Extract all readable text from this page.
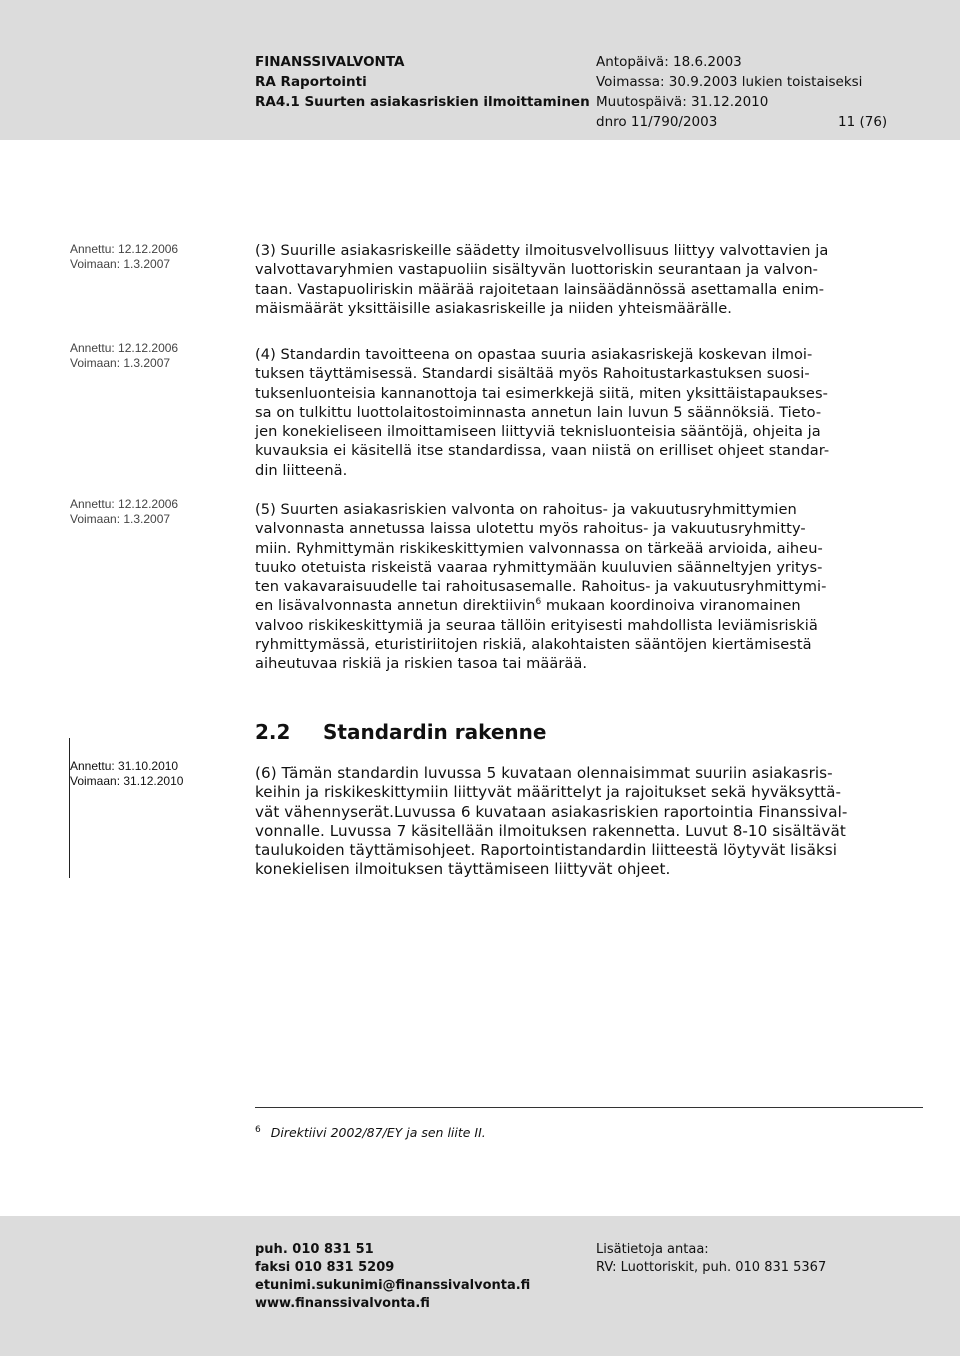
FINANSSIVALVONTA
RA Raportointi
RA4.1 Suurten asiakasriskien ilmoittaminen
Antopäivä: 18.6.2003
Voimassa: 30.9.2003 lukien toistaiseksi
Muutospäivä: 31.12.2010
dnro 11/790/2003	11 (76)
Annettu: 12.12.2006
Voimaan: 1.3.2007
Annettu: 12.12.2006
Voimaan: 1.3.2007
Annettu: 12.12.2006
Voimaan: 1.3.2007
Annettu: 31.10.2010
Voimaan: 31.12.2010
(3) Suurille asiakasriskeille säädetty ilmoitusvelvollisuus liittyy valvottavien ja
valvottavaryhmien vastapuoliin sisältyvän luottoriskin seurantaan ja valvon-
taan. Vastapuoliriskin määrää rajoitetaan lainsäädännössä asettamalla enim-
mäismäärät yksittäisille asiakasriskeille ja niiden yhteismäärälle.
(4) Standardin tavoitteena on opastaa suuria asiakasriskejä koskevan ilmoi-
tuksen täyttämisessä. Standardi sisältää myös Rahoitustarkastuksen suosi-
tuksenluonteisia kannanottoja tai esimerkkejä siitä, miten yksittäistapaukses-
sa on tulkittu luottolaitostoiminnasta annetun lain luvun 5 säännöksiä. Tieto-
jen konekieliseen ilmoittamiseen liittyviä teknisluonteisia sääntöjä, ohjeita ja
kuvauksia ei käsitellä itse standardissa, vaan niistä on erilliset ohjeet standar-
din liitteenä.
(5) Suurten asiakasriskien valvonta on rahoitus- ja vakuutusryhmittymien
valvonnasta annetussa laissa ulotettu myös rahoitus- ja vakuutusryhmitty-
miin. Ryhmittymän riskikeskittymien valvonnassa on tärkeää arvioida, aiheu-
tuuko otetuista riskeistä vaaraa ryhmittymään kuuluvien säänneltyjen yritys-
ten vakavaraisuudelle tai rahoitusasemalle. Rahoitus- ja vakuutusryhmittymi-
en lisävalvonnasta annetun direktiivin$^6$ mukaan koordinoiva viranomainen
valvoo riskikeskittymiä ja seuraa tällöin erityisesti mahdollista leviämisriskiä
ryhmittymässä, eturistiriitojen riskiä, alakohtaisten sääntöjen kiertämisestä
aiheutuvaa riskiä ja riskien tasoa tai määrää.
2.2 Standardin rakenne
(6) Tämän standardin luvussa 5 kuvataan olennaisimmat suuriin asiakasris-
keihin ja riskikeskittymiin liittyvät määrittelyt ja rajoitukset sekä hyväksyttä-
vät vähennyserät.Luvussa 6 kuvataan asiakasriskien raportointia Finanssival-
vonnalle. Luvussa 7 käsitellään ilmoituksen rakennetta. Luvut 8-10 sisältävät
taulukoiden täyttämisohjeet. Raportointistandardin liitteestä löytyvät lisäksi
konekielisen ilmoituksen täyttämiseen liittyvät ohjeet.
$^6$ Direktiivi 2002/87/EY ja sen liite II.
puh. 010 831 51
faksi 010 831 5209
etunimi.sukunimi@finanssivalvonta.fi
www.finanssivalvonta.fi
Lisätietoja antaa:
RV: Luottoriskit, puh. 010 831 5367
